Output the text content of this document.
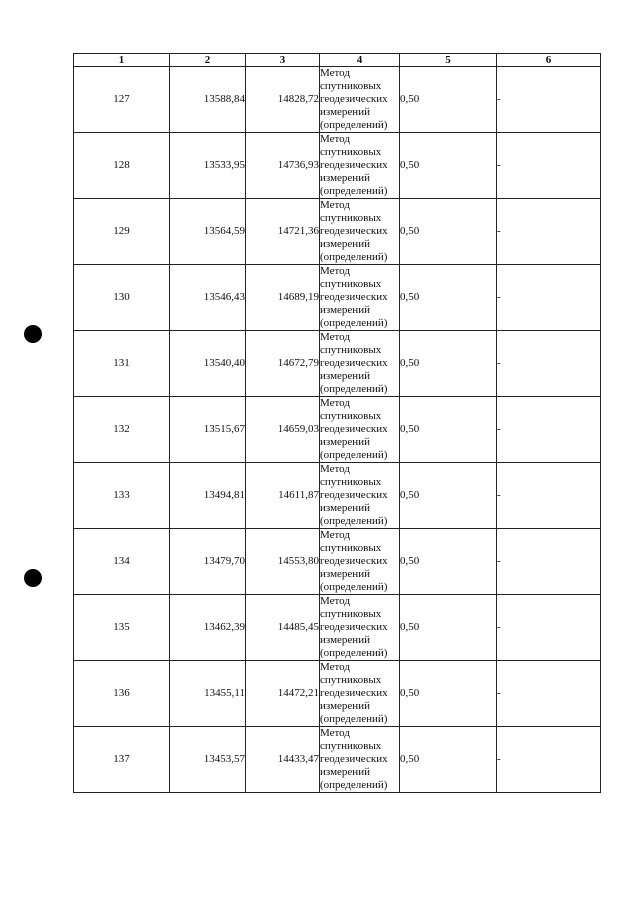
1	2	3	4	5	6
127	13588,84	14828,72	Метод
спутниковых
геодезических
измерений
(определений)	0,50	-
128	13533,95	14736,93	Метод
спутниковых
геодезических
измерений
(определений)	0,50	-
129	13564,59	14721,36	Метод
спутниковых
геодезических
измерений
(определений)	0,50	-
130	13546,43	14689,19	Метод
спутниковых
геодезических
измерений
(определений)	0,50	-
131	13540,40	14672,79	Метод
спутниковых
геодезических
измерений
(определений)	0,50	-
132	13515,67	14659,03	Метод
спутниковых
геодезических
измерений
(определений)	0,50	-
133	13494,81	14611,87	Метод
спутниковых
геодезических
измерений
(определений)	0,50	-
134	13479,70	14553,80	Метод
спутниковых
геодезических
измерений
(определений)	0,50	-
135	13462,39	14485,45	Метод
спутниковых
геодезических
измерений
(определений)	0,50	-
136	13455,11	14472,21	Метод
спутниковых
геодезических
измерений
(определений)	0,50	-
137	13453,57	14433,47	Метод
спутниковых
геодезических
измерений
(определений)	0,50	-
